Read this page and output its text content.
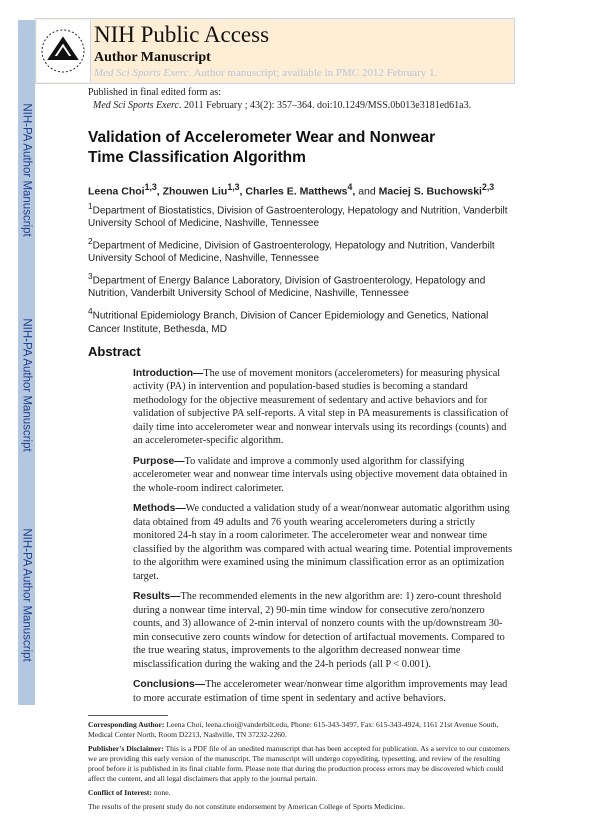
NIH-PA Author Manuscript
NIH-PA Author Manuscript
NIH-PA Author Manuscript
NIH Public Access
Author Manuscript
Med Sci Sports Exerc. Author manuscript; available in PMC 2012 February 1.
Published in final edited form as:
Med Sci Sports Exerc. 2011 February ; 43(2): 357–364. doi:10.1249/MSS.0b013e3181ed61a3.
Validation of Accelerometer Wear and Nonwear Time Classification Algorithm
Leena Choi$^{1,3}$, Zhouwen Liu$^{1,3}$, Charles E. Matthews$^4$, and Maciej S. Buchowski$^{2,3}$
$^1$Department of Biostatistics, Division of Gastroenterology, Hepatology and Nutrition, Vanderbilt University School of Medicine, Nashville, Tennessee
$^2$Department of Medicine, Division of Gastroenterology, Hepatology and Nutrition, Vanderbilt University School of Medicine, Nashville, Tennessee
$^3$Department of Energy Balance Laboratory, Division of Gastroenterology, Hepatology and Nutrition, Vanderbilt University School of Medicine, Nashville, Tennessee
$^4$Nutritional Epidemiology Branch, Division of Cancer Epidemiology and Genetics, National Cancer Institute, Bethesda, MD
Abstract
Introduction—The use of movement monitors (accelerometers) for measuring physical activity (PA) in intervention and population-based studies is becoming a standard methodology for the objective measurement of sedentary and active behaviors and for validation of subjective PA self-reports. A vital step in PA measurements is classification of daily time into accelerometer wear and nonwear intervals using its recordings (counts) and an accelerometer-specific algorithm.
Purpose—To validate and improve a commonly used algorithm for classifying accelerometer wear and nonwear time intervals using objective movement data obtained in the whole-room indirect calorimeter.
Methods—We conducted a validation study of a wear/nonwear automatic algorithm using data obtained from 49 adults and 76 youth wearing accelerometers during a strictly monitored 24-h stay in a room calorimeter. The accelerometer wear and nonwear time classified by the algorithm was compared with actual wearing time. Potential improvements to the algorithm were examined using the minimum classification error as an optimization target.
Results—The recommended elements in the new algorithm are: 1) zero-count threshold during a nonwear time interval, 2) 90-min time window for consecutive zero/nonzero counts, and 3) allowance of 2-min interval of nonzero counts with the up/downstream 30-min consecutive zero counts window for detection of artifactual movements. Compared to the true wearing status, improvements to the algorithm decreased nonwear time misclassification during the waking and the 24-h periods (all P < 0.001).
Conclusions—The accelerometer wear/nonwear time algorithm improvements may lead to more accurate estimation of time spent in sedentary and active behaviors.
Corresponding Author: Leena Choi, leena.choi@vanderbilt.edu, Phone: 615-343-3497, Fax: 615-343-4924, 1161 21st Avenue South, Medical Center North, Room D2213, Nashville, TN 37232-2260.
Publisher's Disclaimer: This is a PDF file of an unedited manuscript that has been accepted for publication. As a service to our customers we are providing this early version of the manuscript. The manuscript will undergo copyediting, typesetting, and review of the resulting proof before it is published in its final citable form. Please note that during the production process errors may be discovered which could affect the content, and all legal disclaimers that apply to the journal pertain.
Conflict of Interest: none.
The results of the present study do not constitute endorsement by American College of Sports Medicine.
